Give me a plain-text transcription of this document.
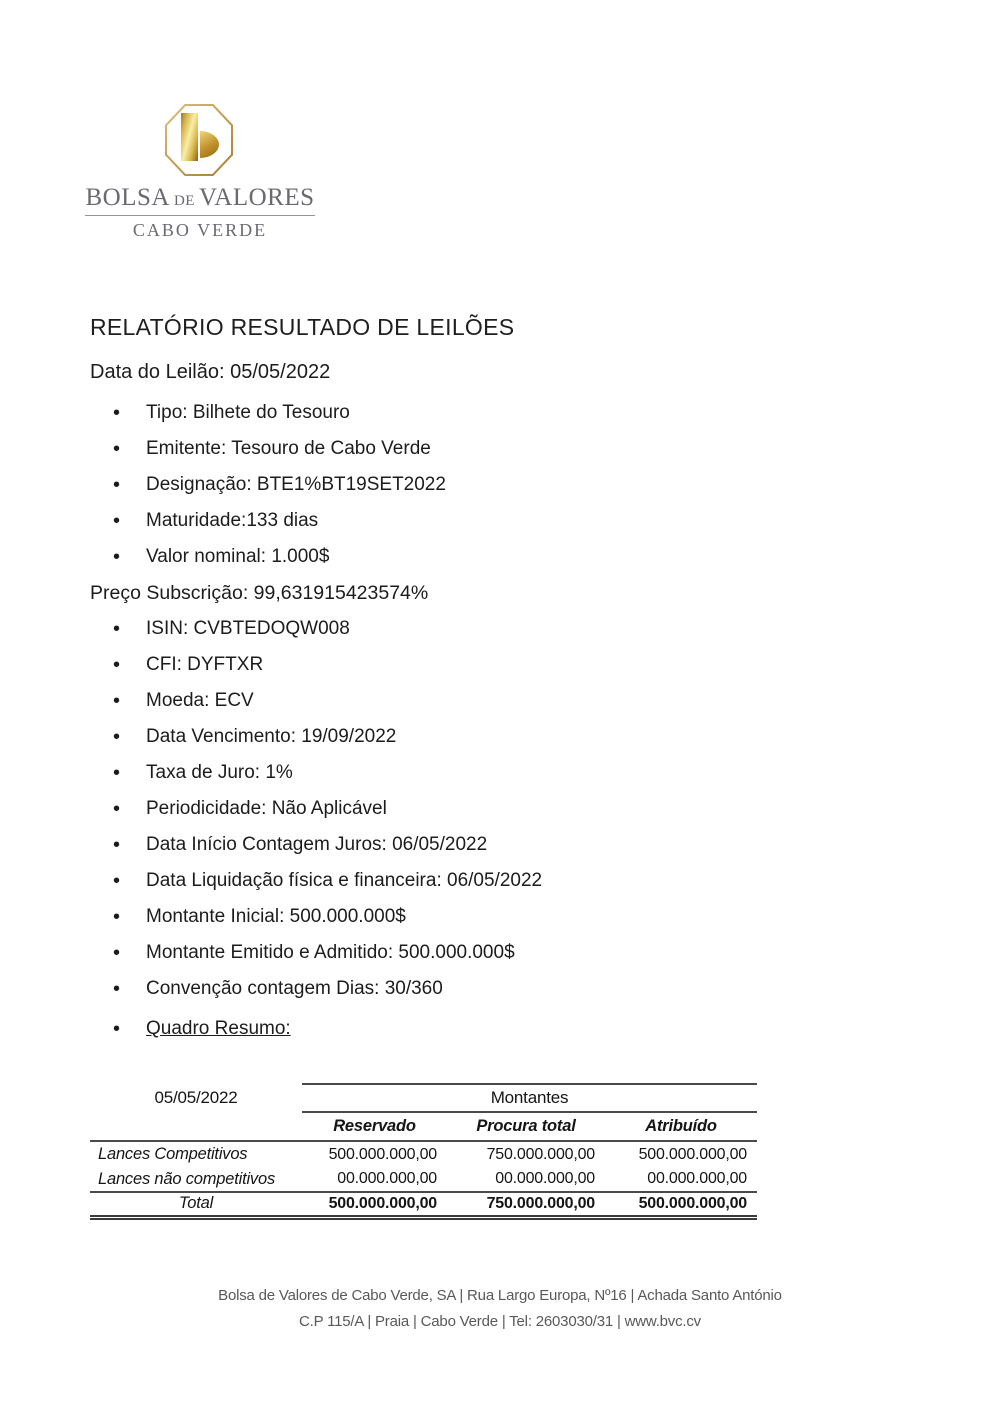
BOLSA DE VALORES
CABO VERDE
RELATÓRIO RESULTADO DE LEILÕES

Data do Leilão: 05/05/2022

• Tipo: Bilhete do Tesouro
• Emitente: Tesouro de Cabo Verde
• Designação: BTE1%BT19SET2022
• Maturidade:133 dias
• Valor nominal: 1.000$

Preço Subscrição: 99,631915423574%

• ISIN: CVBTEDOQW008
• CFI: DYFTXR
• Moeda: ECV
• Data Vencimento: 19/09/2022
• Taxa de Juro: 1%
• Periodicidade: Não Aplicável
• Data Início Contagem Juros: 06/05/2022
• Data Liquidação física e financeira: 06/05/2022
• Montante Inicial: 500.000.000$
• Montante Emitido e Admitido: 500.000.000$
• Convenção contagem Dias: 30/360
• Quadro Resumo:
05/05/2022	Montantes		
	Reservado	Procura total	Atribuído
Lances Competitivos	500.000.000,00	750.000.000,00	500.000.000,00
Lances não competitivos	00.000.000,00	00.000.000,00	00.000.000,00
Total	500.000.000,00	750.000.000,00	500.000.000,00
Bolsa de Valores de Cabo Verde, SA | Rua Largo Europa, Nº16 | Achada Santo António
C.P 115/A | Praia | Cabo Verde | Tel: 2603030/31 | www.bvc.cv
